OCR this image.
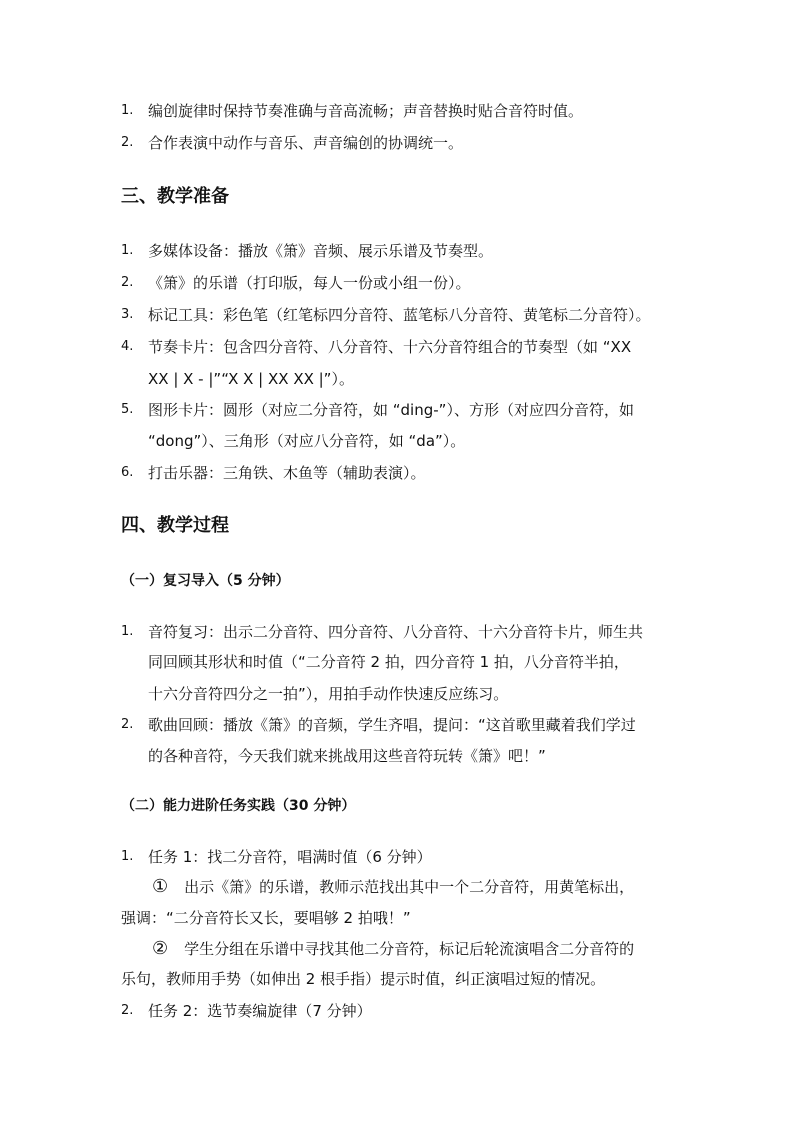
1. 编创旋律时保持节奏准确与音高流畅；声音替换时贴合音符时值。
2. 合作表演中动作与音乐、声音编创的协调统一。
三、教学准备
1. 多媒体设备：播放《箫》音频、展示乐谱及节奏型。
2. 《箫》的乐谱（打印版，每人一份或小组一份）。
3. 标记工具：彩色笔（红笔标四分音符、蓝笔标八分音符、黄笔标二分音符）。
4. 节奏卡片：包含四分音符、八分音符、十六分音符组合的节奏型（如 “XX
XX | X - |”“X X | XX XX |”）。
5. 图形卡片：圆形（对应二分音符，如 “ding-”）、方形（对应四分音符，如
“dong”）、三角形（对应八分音符，如 “da”）。
6. 打击乐器：三角铁、木鱼等（辅助表演）。
四、教学过程
（一）复习导入（5 分钟）
1. 音符复习：出示二分音符、四分音符、八分音符、十六分音符卡片，师生共
同回顾其形状和时值（“二分音符 2 拍，四分音符 1 拍，八分音符半拍，
十六分音符四分之一拍”），用拍手动作快速反应练习。
2. 歌曲回顾：播放《箫》的音频，学生齐唱，提问：“这首歌里藏着我们学过
的各种音符，今天我们就来挑战用这些音符玩转《箫》吧！”
（二）能力进阶任务实践（30 分钟）
1. 任务 1：找二分音符，唱满时值（6 分钟）
① 出示《箫》的乐谱，教师示范找出其中一个二分音符，用黄笔标出，
强调：“二分音符长又长，要唱够 2 拍哦！”
② 学生分组在乐谱中寻找其他二分音符，标记后轮流演唱含二分音符的
乐句，教师用手势（如伸出 2 根手指）提示时值，纠正演唱过短的情况。
2. 任务 2：选节奏编旋律（7 分钟）
